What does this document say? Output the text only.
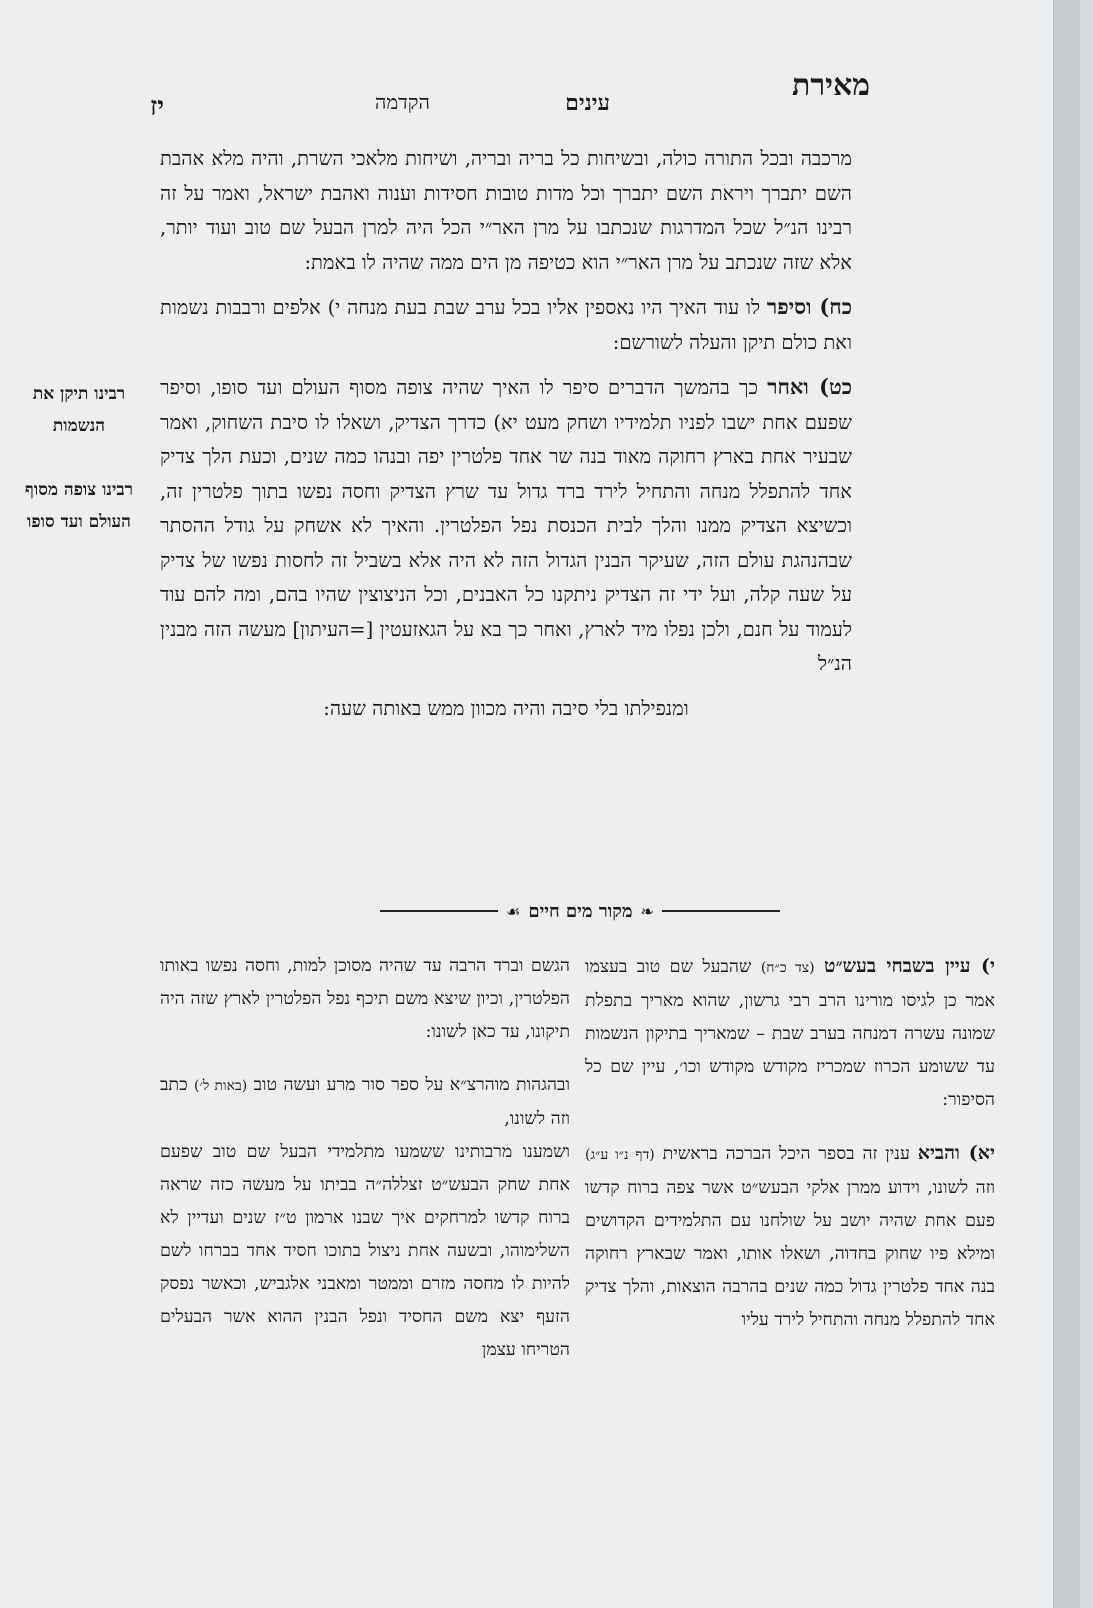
מאירת
הקדמה	עינים
יז

מרכבה ובכל התורה כולה, ובשיחות כל בריה ובריה, ושיחות מלאכי השרת, והיה מלא אהבת השם יתברך ויראת השם יתברך וכל מדות טובות חסידות וענוה ואהבת ישראל, ואמר על זה רבינו הנ״ל שכל המדרגות שנכתבו על מרן האר״י הכל היה למרן הבעל שם טוב ועוד יותר, אלא שזה שנכתב על מרן האר״י הוא כטיפה מן הים ממה שהיה לו באמת:

כח) וסיפר לו עוד האיך היו נאספין אליו בכל ערב שבת בעת מנחה י) אלפים ורבבות נשמות ואת כולם תיקן והעלה לשורשם:

כט) ואחר כך בהמשך הדברים סיפר לו האיך שהיה צופה מסוף העולם ועד סופו, וסיפר שפעם אחת ישבו לפניו תלמידיו ושחק מעט יא) כדרך הצדיק, ושאלו לו סיבת השחוק, ואמר שבעיר אחת בארץ רחוקה מאוד בנה שר אחד פלטרין יפה ובנהו כמה שנים, וכעת הלך צדיק אחד להתפלל מנחה והתחיל לירד ברד גדול עד שרץ הצדיק וחסה נפשו בתוך פלטרין זה, וכשיצא הצדיק ממנו והלך לבית הכנסת נפל הפלטרין. והאיך לא אשחק על גודל ההסתר שבהנהגת עולם הזה, שעיקר הבנין הגדול הזה לא היה אלא בשביל זה לחסות נפשו של צדיק על שעה קלה, ועל ידי זה הצדיק ניתקנו כל האבנים, וכל הניצוצין שהיו בהם, ומה להם עוד לעמוד על חנם, ולכן נפלו מיד לארץ, ואחר כך בא על הגאזעטין [=העיתון] מעשה הזה מבנין הנ״ל

ומנפילתו בלי סיבה והיה מכוון ממש באותה שעה:

רבינו תיקן את הנשמות
רבינו צופה מסוף העולם ועד סופו
❧
מקור מים חיים
☙

י) עיין בשבחי בעש״ט (צד כ״ח) שהבעל שם טוב בעצמו אמר כן לגיסו מורינו הרב רבי גרשון, שהוא מאריך בתפלת שמונה עשרה דמנחה בערב שבת – שמאריך בתיקון הנשמות עד ששומע הכרוז שמכריז מקודש מקודש וכו׳, עיין שם כל הסיפור:

יא) והביא ענין זה בספר היכל הברכה בראשית (דף נ״ו ע״ג) וזה לשונו, וידוע ממרן אלקי הבעש״ט אשר צפה ברוח קדשו פעם אחת שהיה יושב על שולחנו עם התלמידים הקדושים ומילא פיו שחוק בחדוה, ושאלו אותו, ואמר שבארץ רחוקה בנה אחד פלטרין גדול כמה שנים בהרבה הוצאות, והלך צדיק אחד להתפלל מנחה והתחיל לירד עליו

הגשם וברד הרבה עד שהיה מסוכן למות, וחסה נפשו באותו הפלטרין, וכיון שיצא משם תיכף נפל הפלטרין לארץ שזה היה תיקונו, עד כאן לשונו:

ובהגהות מוהרצ״א על ספר סור מרע ועשה טוב (באות ל׳) כתב וזה לשונו,
ושמענו מרבותינו ששמעו מתלמידי הבעל שם טוב שפעם אחת שחק הבעש״ט זצללה״ה בביתו על מעשה כזה שראה ברוח קדשו למרחקים איך שבנו ארמון ט״ז שנים ועדיין לא השלימוהו, ובשעה אחת ניצול בתוכו חסיד אחד בברחו לשם להיות לו מחסה מזרם וממטר ומאבני אלגביש, וכאשר נפסק הזעף יצא משם החסיד ונפל הבנין ההוא אשר הבעלים הטריחו עצמן
